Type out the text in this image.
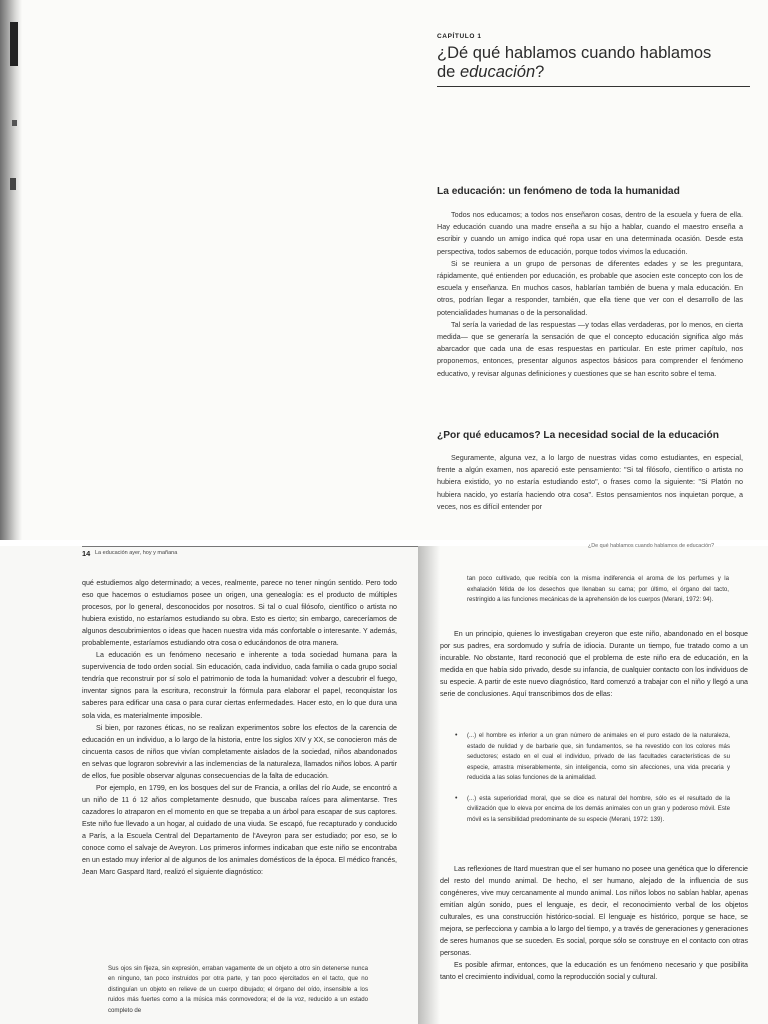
CAPÍTULO 1
¿Dé qué hablamos cuando hablamos
de educación?
La educación: un fenómeno de toda la humanidad

Todos nos educamos; a todos nos enseñaron cosas, dentro de la escuela y fuera de ella. Hay educación cuando una madre enseña a su hijo a hablar, cuando el maestro enseña a escribir y cuando un amigo indica qué ropa usar en una determinada ocasión. Desde esta perspectiva, todos sabemos de educación, porque todos vivimos la educación.

Si se reuniera a un grupo de personas de diferentes edades y se les preguntara, rápidamente, qué entienden por educación, es probable que asocien este concepto con los de escuela y enseñanza. En muchos casos, hablarían también de buena y mala educación. En otros, podrían llegar a responder, también, que ella tiene que ver con el desarrollo de las potencialidades humanas o de la personalidad.

Tal sería la variedad de las respuestas —y todas ellas verdaderas, por lo menos, en cierta medida— que se generaría la sensación de que el concepto educación significa algo más abarcador que cada una de esas respuestas en particular. En este primer capítulo, nos proponemos, entonces, presentar algunos aspectos básicos para comprender el fenómeno educativo, y revisar algunas definiciones y cuestiones que se han escrito sobre el tema.

¿Por qué educamos? La necesidad social de la educación

Seguramente, alguna vez, a lo largo de nuestras vidas como estudiantes, en especial, frente a algún examen, nos apareció este pensamiento: "Si tal filósofo, científico o artista no hubiera existido, yo no estaría estudiando esto", o frases como la siguiente: "Si Platón no hubiera nacido, yo estaría haciendo otra cosa". Estos pensamientos nos inquietan porque, a veces, nos es difícil entender por

14 La educación ayer, hoy y mañana

qué estudiemos algo determinado; a veces, realmente, parece no tener ningún sentido. Pero todo eso que hacemos o estudiamos posee un origen, una genealogía: es el producto de múltiples procesos, por lo general, desconocidos por nosotros. Si tal o cual filósofo, científico o artista no hubiera existido, no estaríamos estudiando su obra. Esto es cierto; sin embargo, careceríamos de algunos descubrimientos o ideas que hacen nuestra vida más confortable o interesante. Y además, probablemente, estaríamos estudiando otra cosa o educándonos de otra manera.

La educación es un fenómeno necesario e inherente a toda sociedad humana para la supervivencia de todo orden social. Sin educación, cada individuo, cada familia o cada grupo social tendría que reconstruir por sí solo el patrimonio de toda la humanidad: volver a descubrir el fuego, inventar signos para la escritura, reconstruir la fórmula para elaborar el papel, reconquistar los saberes para edificar una casa o para curar ciertas enfermedades. Hacer esto, en lo que dura una sola vida, es materialmente imposible.

Si bien, por razones éticas, no se realizan experimentos sobre los efectos de la carencia de educación en un individuo, a lo largo de la historia, entre los siglos XIV y XX, se conocieron más de cincuenta casos de niños que vivían completamente aislados de la sociedad, niños abandonados en selvas que lograron sobrevivir a las inclemencias de la naturaleza, llamados niños lobos. A partir de ellos, fue posible observar algunas consecuencias de la falta de educación.

Por ejemplo, en 1799, en los bosques del sur de Francia, a orillas del río Aude, se encontró a un niño de 11 ó 12 años completamente desnudo, que buscaba raíces para alimentarse. Tres cazadores lo atraparon en el momento en que se trepaba a un árbol para escapar de sus captores. Este niño fue llevado a un hogar, al cuidado de una viuda. Se escapó, fue recapturado y conducido a París, a la Escuela Central del Departamento de l'Aveyron para ser estudiado; por eso, se lo conoce como el salvaje de Aveyron. Los primeros informes indicaban que este niño se encontraba en un estado muy inferior al de algunos de los animales domésticos de la época. El médico francés, Jean Marc Gaspard Itard, realizó el siguiente diagnóstico:

Sus ojos sin fijeza, sin expresión, erraban vagamente de un objeto a otro sin detenerse nunca en ninguno, tan poco instruidos por otra parte, y tan poco ejercitados en el tacto, que no distinguían un objeto en relieve de un cuerpo dibujado; el órgano del oído, insensible a los ruidos más fuertes como a la música más conmovedora; el de la voz, reducido a un estado completo de

¿De qué hablamos cuando hablamos de educación?

tan poco cultivado, que recibía con la misma indiferencia el aroma de los perfumes y la exhalación fétida de los desechos que llenaban su cama; por último, el órgano del tacto, restringido a las funciones mecánicas de la aprehensión de los cuerpos (Merani, 1972: 94).

En un principio, quienes lo investigaban creyeron que este niño, abandonado en el bosque por sus padres, era sordomudo y sufría de idiocia. Durante un tiempo, fue tratado como a un incurable. No obstante, Itard reconoció que el problema de este niño era de educación, en la medida en que había sido privado, desde su infancia, de cualquier contacto con los individuos de su especie. A partir de este nuevo diagnóstico, Itard comenzó a trabajar con el niño y llegó a una serie de conclusiones. Aquí transcribimos dos de ellas:

• (...) el hombre es inferior a un gran número de animales en el puro estado de la naturaleza, estado de nulidad y de barbarie que, sin fundamentos, se ha revestido con los colores más seductores; estado en el cual el individuo, privado de las facultades características de su especie, arrastra miserablemente, sin inteligencia, como sin afecciones, una vida precaria y reducida a las solas funciones de la animalidad.
• (...) esta superioridad moral, que se dice es natural del hombre, sólo es el resultado de la civilización que lo eleva por encima de los demás animales con un gran y poderoso móvil. Este móvil es la sensibilidad predominante de su especie (Merani, 1972: 139).

Las reflexiones de Itard muestran que el ser humano no posee una genética que lo diferencie del resto del mundo animal. De hecho, el ser humano, alejado de la influencia de sus congéneres, vive muy cercanamente al mundo animal. Los niños lobos no sabían hablar, apenas emitían algún sonido, pues el lenguaje, es decir, el reconocimiento verbal de los objetos culturales, es una construcción histórico-social. El lenguaje es histórico, porque se hace, se mejora, se perfecciona y cambia a lo largo del tiempo, y a través de generaciones y generaciones de seres humanos que se suceden. Es social, porque sólo se construye en el contacto con otras personas.

Es posible afirmar, entonces, que la educación es un fenómeno necesario y que posibilita tanto el crecimiento individual, como la reproducción social y cultural.
